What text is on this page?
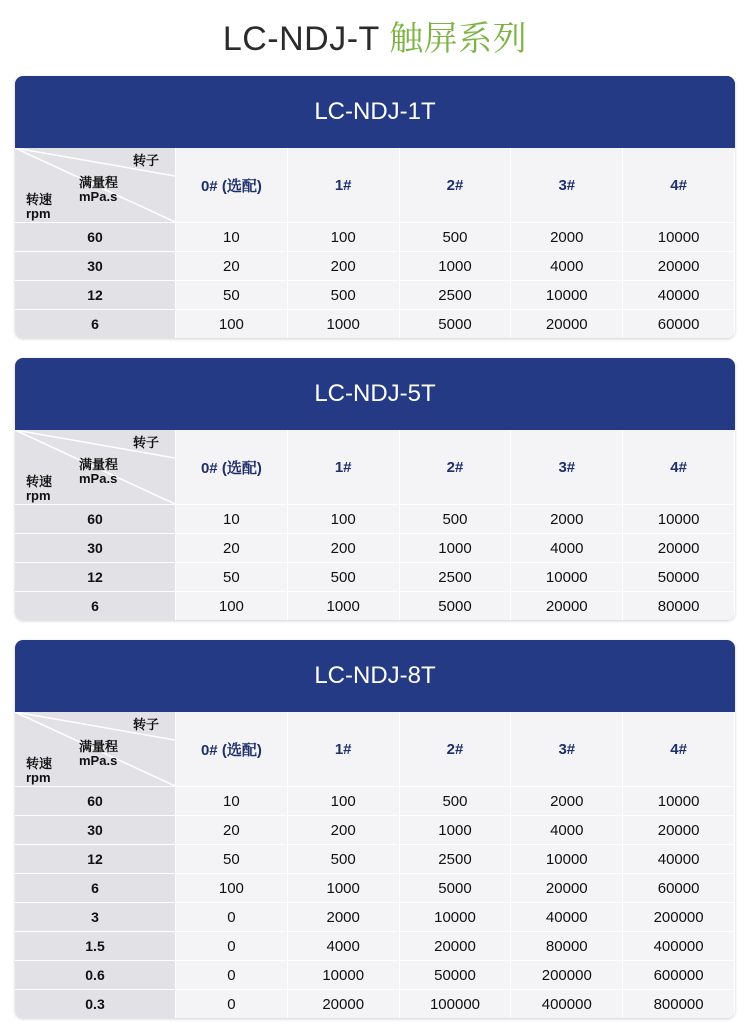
LC-NDJ-T 触屏系列
LC-NDJ-1T
转子
满量程
mPa.s
转速
rpm	0# (选配)	1#	2#	3#	4#
60	10	100	500	2000	10000
30	20	200	1000	4000	20000
12	50	500	2500	10000	40000
6	100	1000	5000	20000	60000
LC-NDJ-5T
转子
满量程
mPa.s
转速
rpm	0# (选配)	1#	2#	3#	4#
60	10	100	500	2000	10000
30	20	200	1000	4000	20000
12	50	500	2500	10000	50000
6	100	1000	5000	20000	80000
LC-NDJ-8T
转子
满量程
mPa.s
转速
rpm	0# (选配)	1#	2#	3#	4#
60	10	100	500	2000	10000
30	20	200	1000	4000	20000
12	50	500	2500	10000	40000
6	100	1000	5000	20000	60000
3	0	2000	10000	40000	200000
1.5	0	4000	20000	80000	400000
0.6	0	10000	50000	200000	600000
0.3	0	20000	100000	400000	800000
